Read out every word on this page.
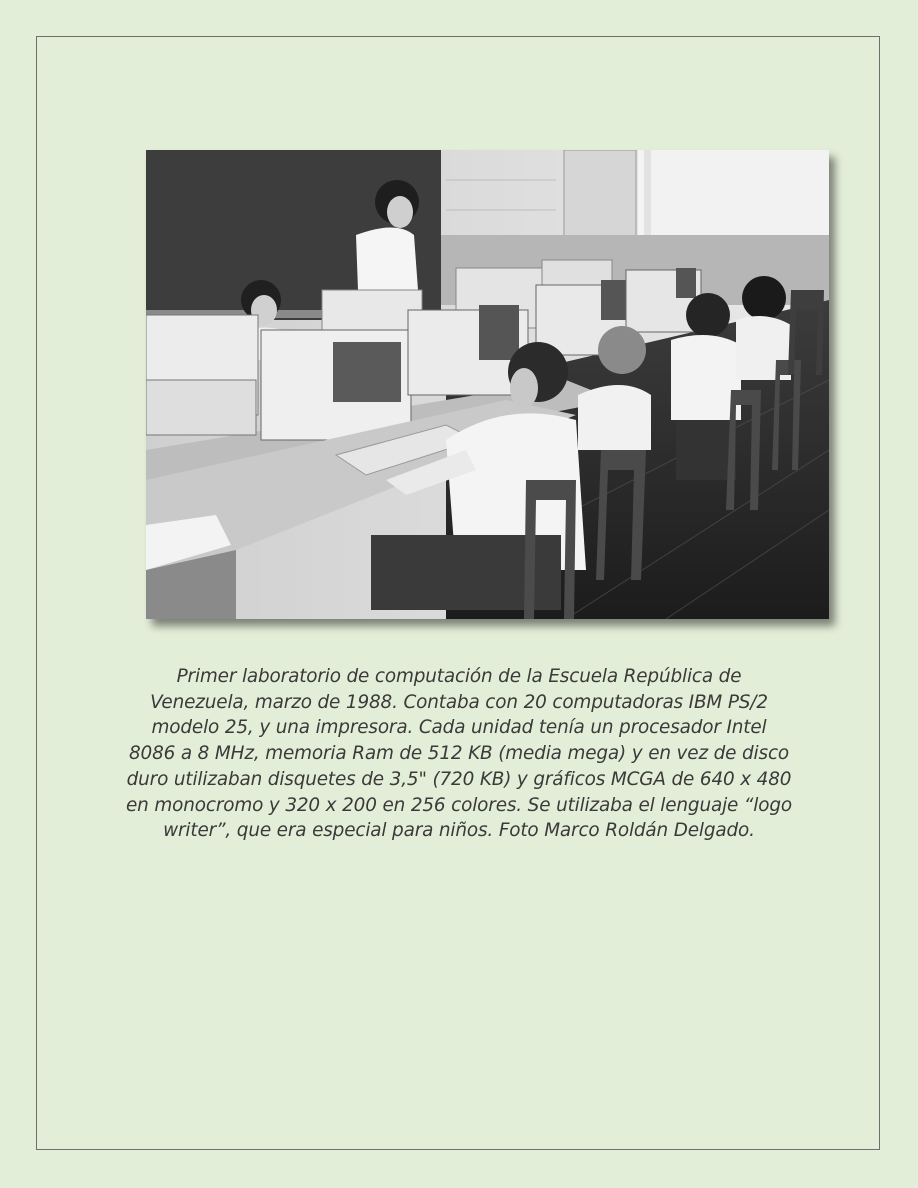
Primer laboratorio de computación de la Escuela República de Venezuela, marzo de 1988. Contaba con 20 computadoras IBM PS/2 modelo 25, y una impresora. Cada unidad tenía un procesador Intel 8086 a 8 MHz, memoria Ram de 512 KB (media mega) y en vez de disco duro utilizaban disquetes de 3,5" (720 KB) y gráficos MCGA de 640 x 480 en monocromo y 320 x 200 en 256 colores. Se utilizaba el lenguaje “logo writer”, que era especial para niños. Foto Marco Roldán Delgado.
